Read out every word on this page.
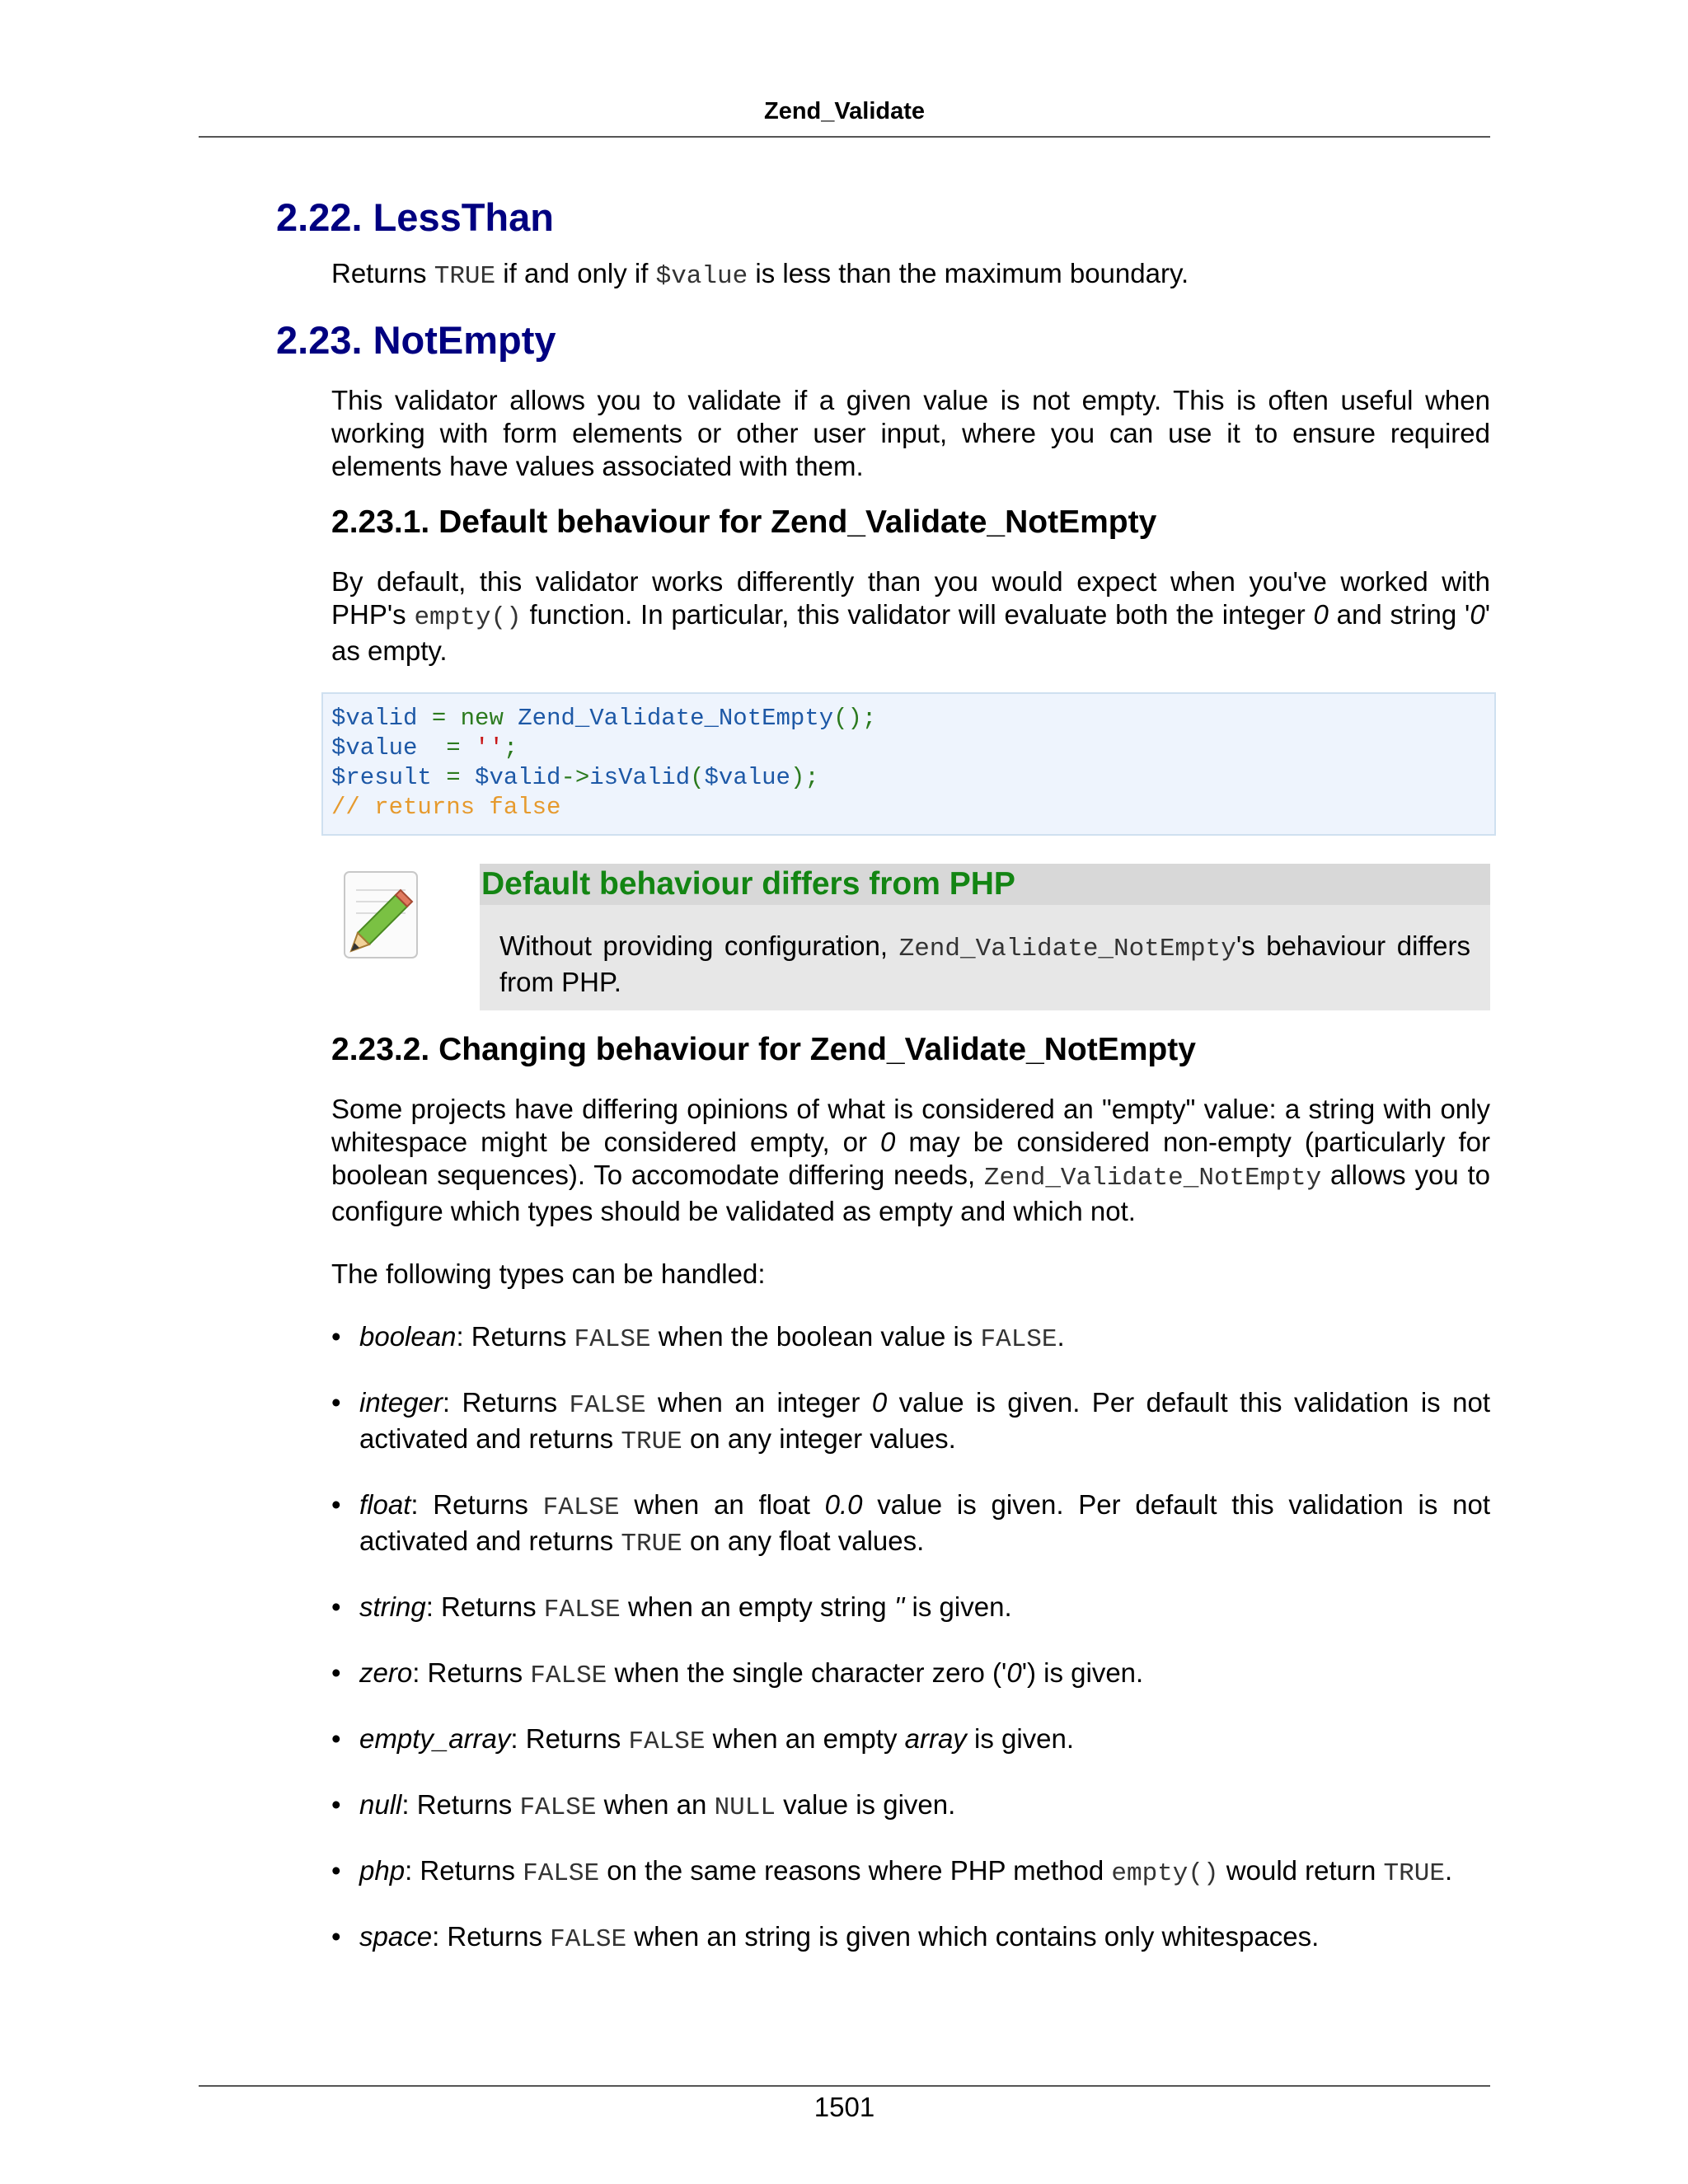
Zend_Validate
2.22. LessThan

Returns TRUE if and only if $value is less than the maximum boundary.

2.23. NotEmpty

This validator allows you to validate if a given value is not empty. This is often useful when working with form elements or other user input, where you can use it to ensure required elements have values associated with them.

2.23.1. Default behaviour for Zend_Validate_NotEmpty

By default, this validator works differently than you would expect when you've worked with PHP's empty() function. In particular, this validator will evaluate both the integer 0 and string '0' as empty.

$valid = new Zend_Validate_NotEmpty();
$value  = '';
$result = $valid->isValid($value);
// returns false
Default behaviour differs from PHP
Without providing configuration, Zend_Validate_NotEmpty's behaviour differs from PHP.
2.23.2. Changing behaviour for Zend_Validate_NotEmpty

Some projects have differing opinions of what is considered an "empty" value: a string with only whitespace might be considered empty, or 0 may be considered non-empty (particularly for boolean sequences). To accomodate differing needs, Zend_Validate_NotEmpty allows you to configure which types should be validated as empty and which not.

The following types can be handled:

• boolean: Returns FALSE when the boolean value is FALSE.
• integer: Returns FALSE when an integer 0 value is given. Per default this validation is not activated and returns TRUE on any integer values.
• float: Returns FALSE when an float 0.0 value is given. Per default this validation is not activated and returns TRUE on any float values.
• string: Returns FALSE when an empty string '' is given.
• zero: Returns FALSE when the single character zero ('0') is given.
• empty_array: Returns FALSE when an empty array is given.
• null: Returns FALSE when an NULL value is given.
• php: Returns FALSE on the same reasons where PHP method empty() would return TRUE.
• space: Returns FALSE when an string is given which contains only whitespaces.
1501
